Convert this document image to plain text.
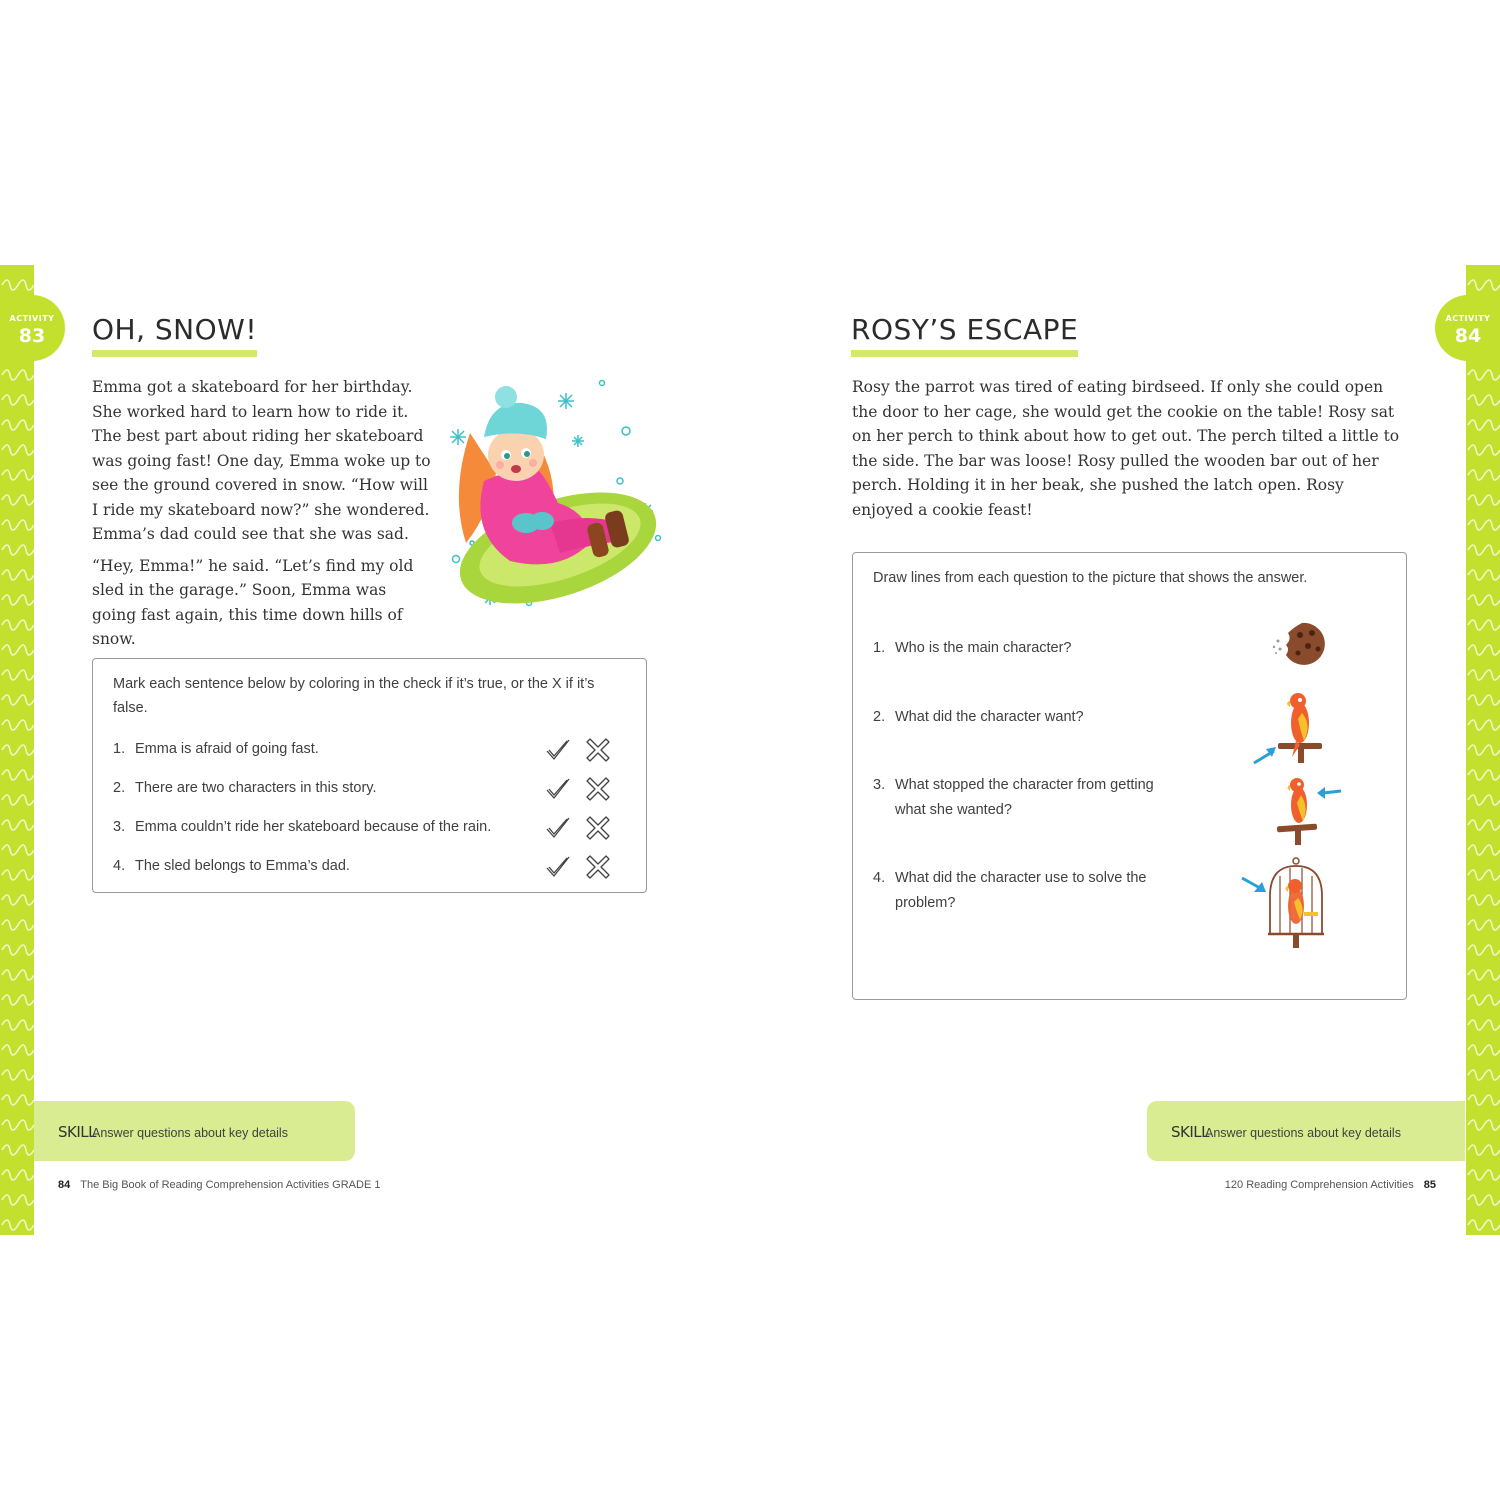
ACTIVITY
83	OH, SNOW!

Emma got a skateboard for her birthday. She worked hard to learn how to ride it. The best part about riding her skateboard was going fast! One day, Emma woke up to see the ground covered in snow. “How will I ride my skateboard now?” she wondered. Emma’s dad could see that she was sad.

“Hey, Emma!” he said. “Let’s find my old sled in the garage.” Soon, Emma was going fast again, this time down hills of snow.

Mark each sentence below by coloring in the check if it’s true, or the X if it’s false.
1. Emma is afraid of going fast.
2. There are two characters in this story.
3. Emma couldn’t ride her skateboard because of the rain.
4. The sled belongs to Emma’s dad.
SKILL
Answer questions about key details
84 The Big Book of Reading Comprehension Activities GRADE 1
ACTIVITY
84
ROSY’S ESCAPE

Rosy the parrot was tired of eating birdseed. If only she could open the door to her cage, she would get the cookie on the table! Rosy sat on her perch to think about how to get out. The perch tilted a little to the side. The bar was loose! Rosy pulled the wooden bar out of her perch. Holding it in her beak, she pushed the latch open. Rosy enjoyed a cookie feast!

Draw lines from each question to the picture that shows the answer.
1. Who is the main character?
2. What did the character want?
3. What stopped the character from getting what she wanted?
4. What did the character use to solve the problem?
SKILL
Answer questions about key details
120 Reading Comprehension Activities 85
